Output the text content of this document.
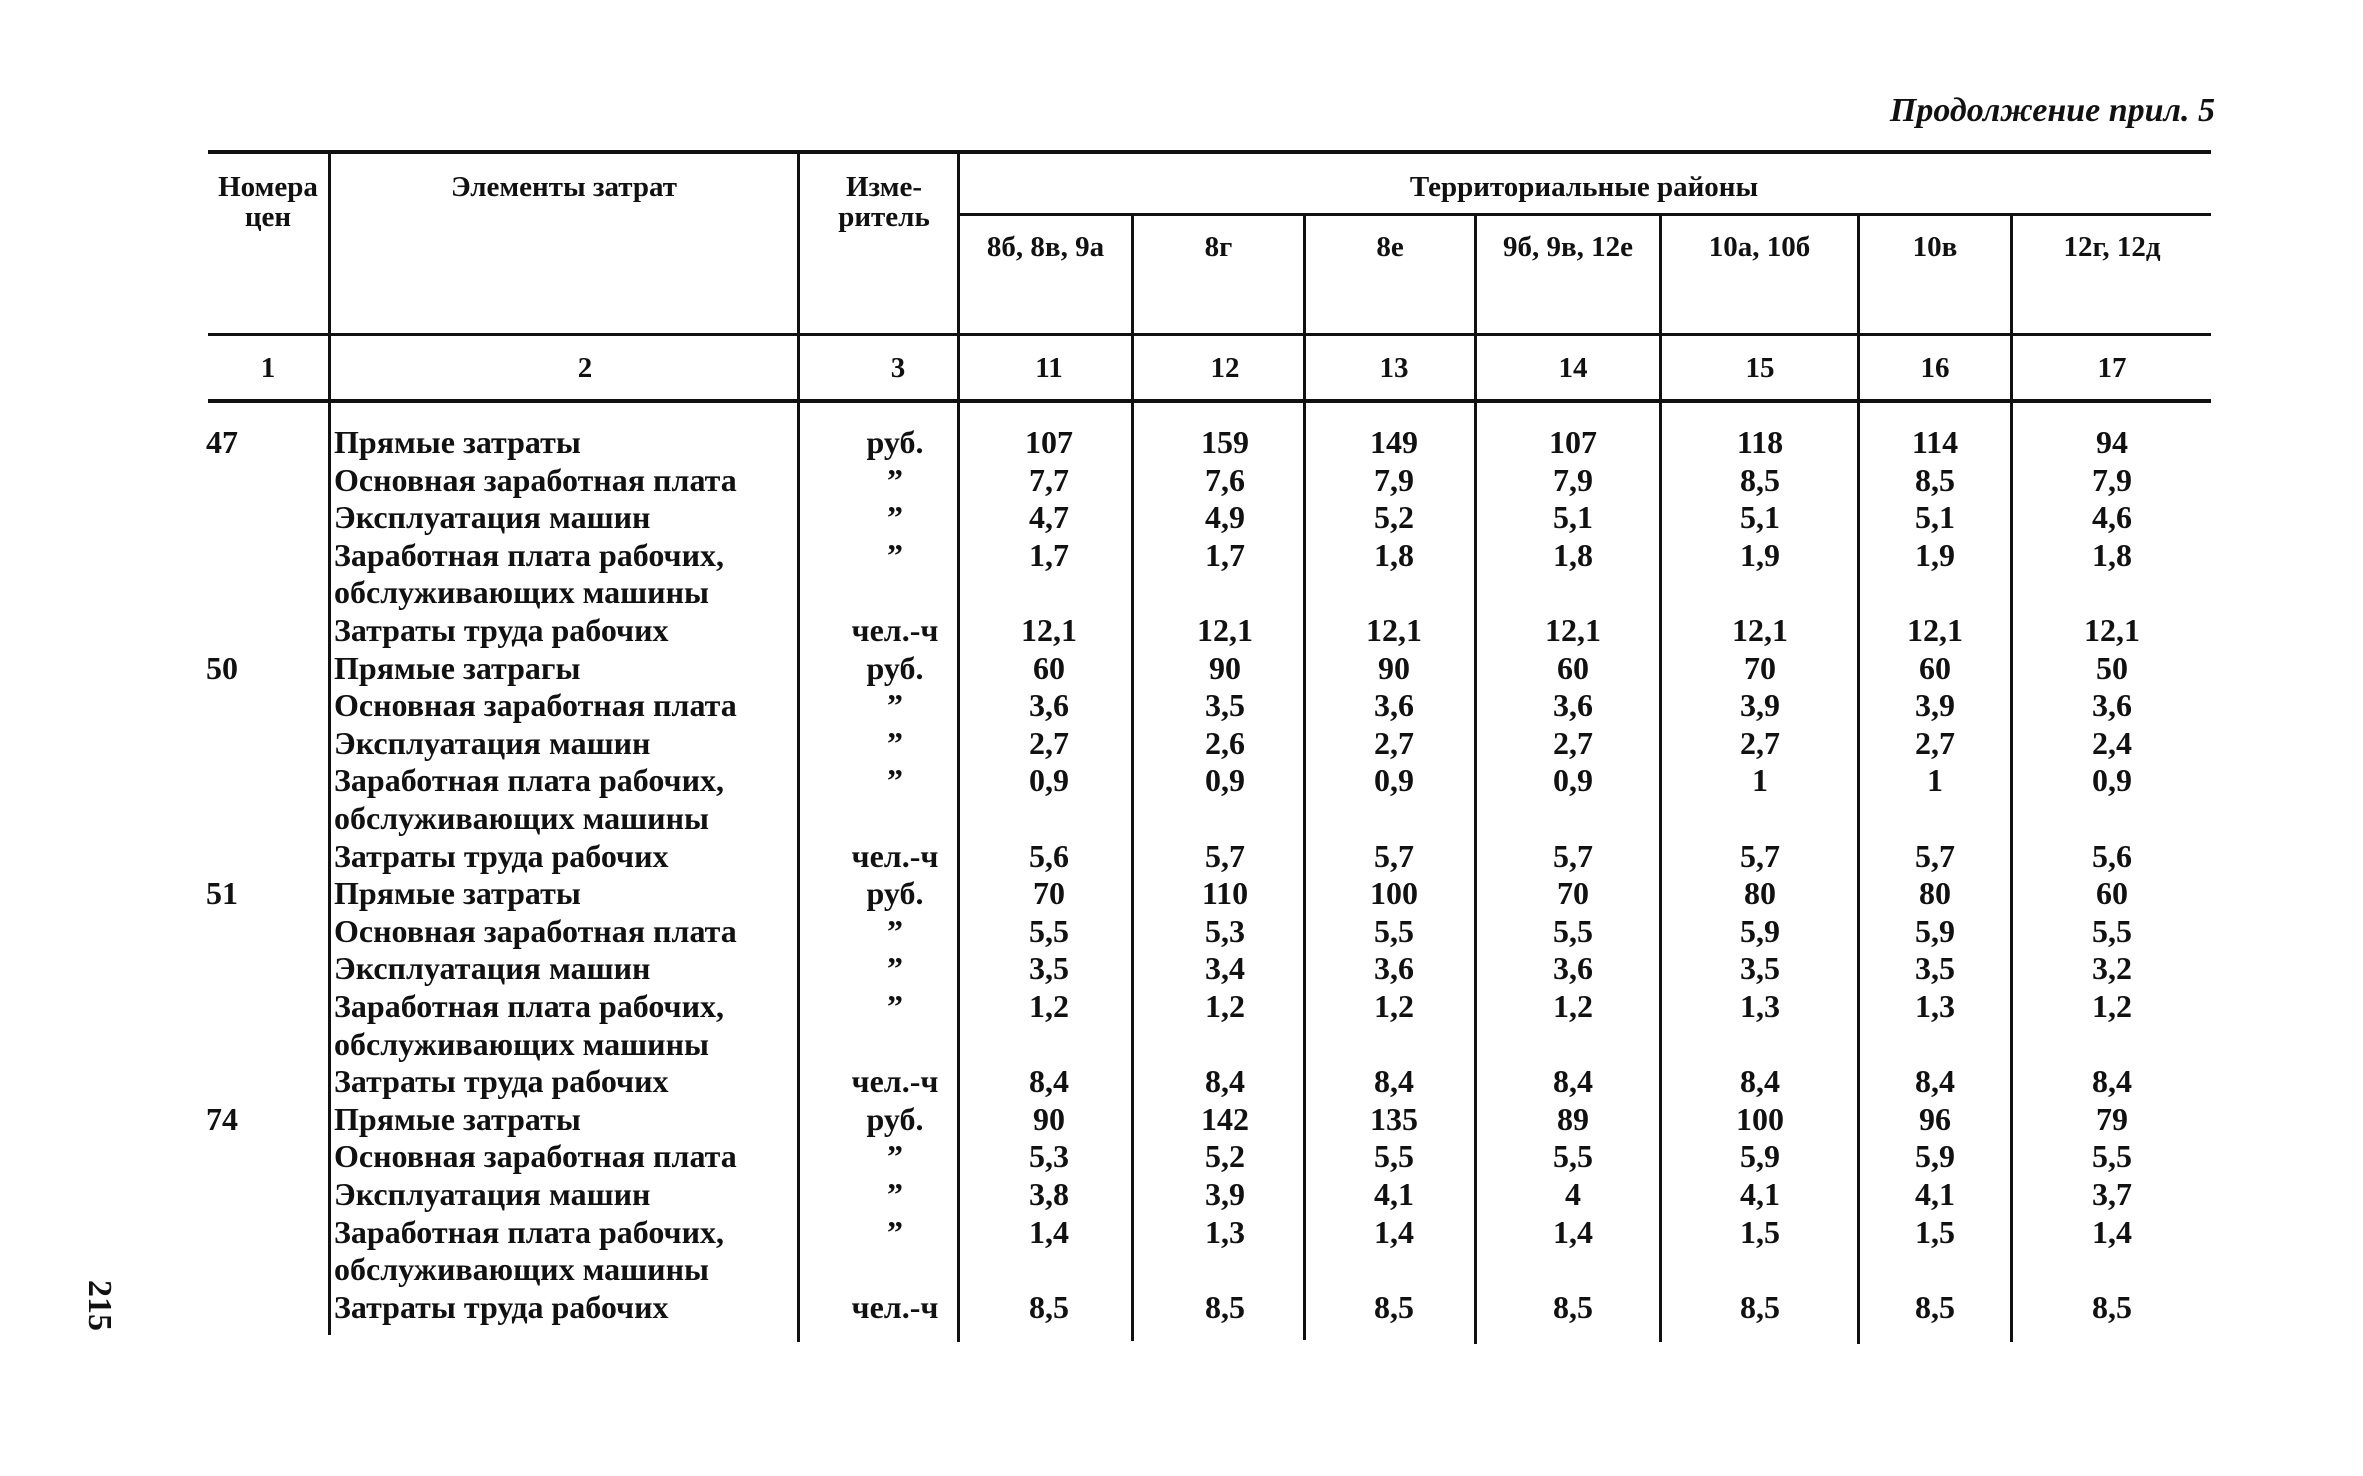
Продолжение прил. 5
215
Номера цен
Элементы затрат	Изме-ритель
Территориальные районы
8б, 8в, 9а	8г	8е	9б, 9в, 12е	10а, 10б	10в	12г, 12д
1	2	3	11	12	13	14	15	16	17
47	Прямые затраты	руб.	107	159	149	107	118	114	94
Основная заработная плата	”	7,7	7,6	7,9	7,9	8,5	8,5	7,9
Эксплуатация машин	”	4,7	4,9	5,2	5,1	5,1	5,1	4,6
Заработная плата рабочих,	”	1,7	1,7	1,8	1,8	1,9	1,9	1,8
обслуживающих машины
Затраты труда рабочих	чел.-ч	12,1	12,1	12,1	12,1	12,1	12,1	12,1
50	Прямые затрагы	руб.	60	90	90	60	70	60	50
Основная заработная плата	”	3,6	3,5	3,6	3,6	3,9	3,9	3,6
Эксплуатация машин	”	2,7	2,6	2,7	2,7	2,7	2,7	2,4
Заработная плата рабочих,	”	0,9	0,9	0,9	0,9	1	1	0,9
обслуживающих машины
Затраты труда рабочих	чел.-ч	5,6	5,7	5,7	5,7	5,7	5,7	5,6
51	Прямые затраты	руб.	70	110	100	70	80	80	60
Основная заработная плата	”	5,5	5,3	5,5	5,5	5,9	5,9	5,5
Эксплуатация машин	”	3,5	3,4	3,6	3,6	3,5	3,5	3,2
Заработная плата рабочих,	”	1,2	1,2	1,2	1,2	1,3	1,3	1,2
обслуживающих машины
Затраты труда рабочих	чел.-ч	8,4	8,4	8,4	8,4	8,4	8,4	8,4
74	Прямые затраты	руб.	90	142	135	89	100	96	79
Основная заработная плата	”	5,3	5,2	5,5	5,5	5,9	5,9	5,5
Эксплуатация машин	”	3,8	3,9	4,1	4	4,1	4,1	3,7
Заработная плата рабочих,	”	1,4	1,3	1,4	1,4	1,5	1,5	1,4
обслуживающих машины
Затраты труда рабочих	чел.-ч	8,5	8,5	8,5	8,5	8,5	8,5	8,5
